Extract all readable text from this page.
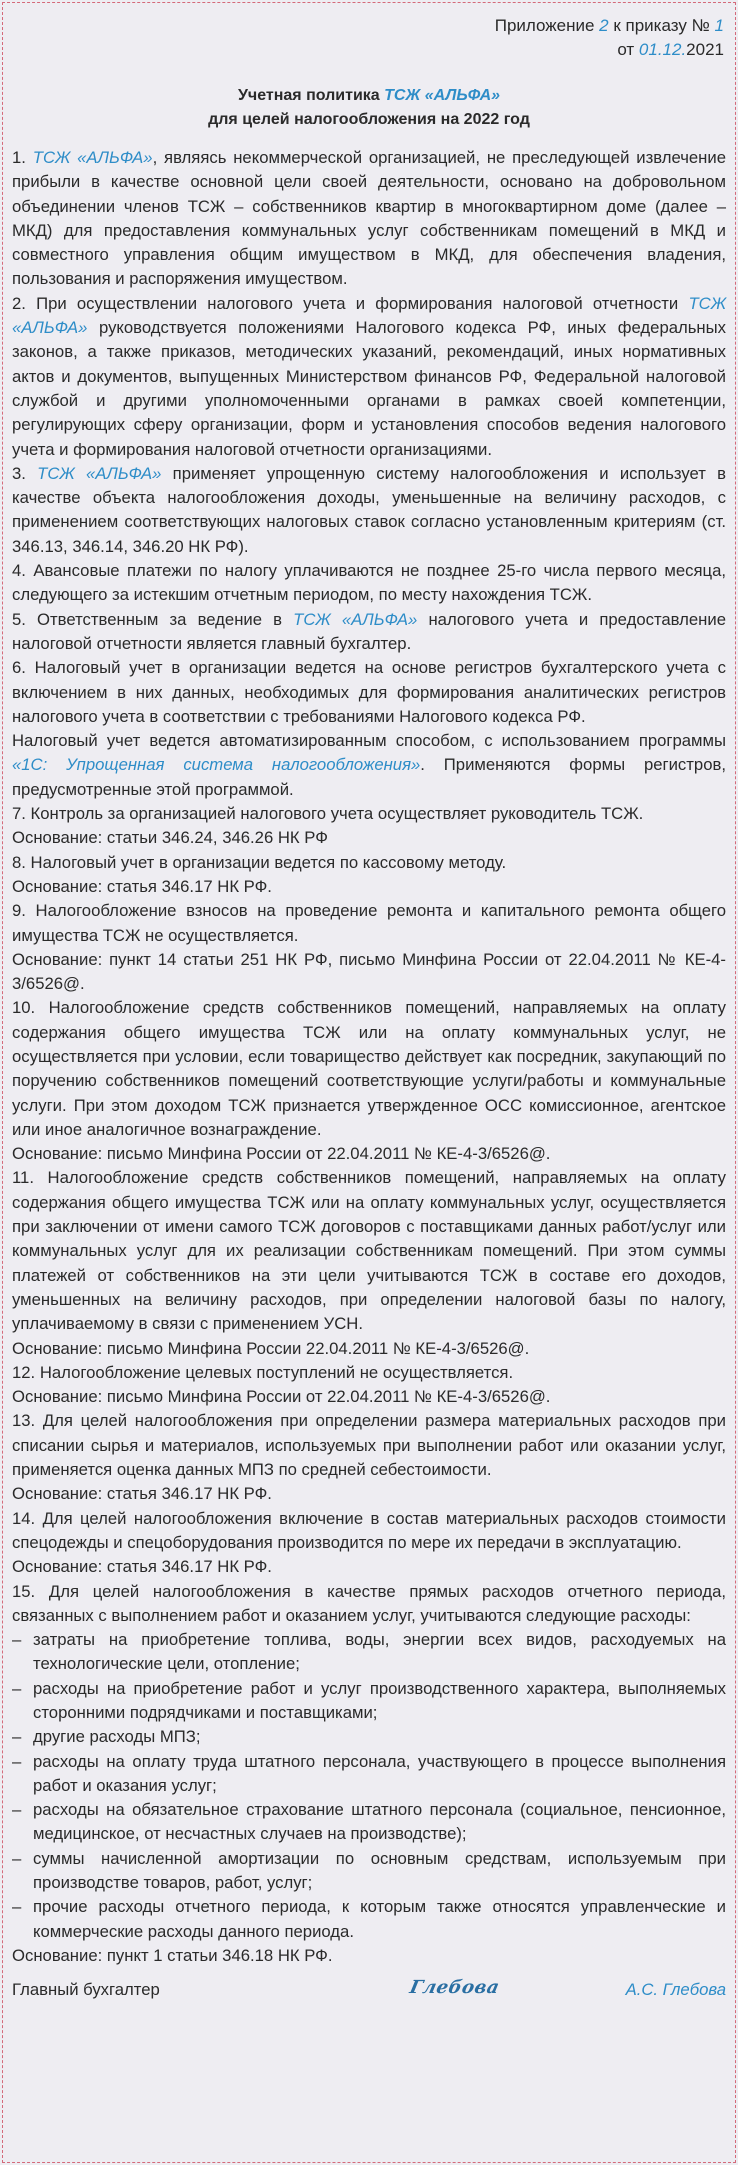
Приложение 2 к приказу № 1
от 01.12.2021
Учетная политика ТСЖ «АЛЬФА»
для целей налогообложения на 2022 год

1. ТСЖ «АЛЬФА», являясь некоммерческой организацией, не преследующей извлечение прибыли в качестве основной цели своей деятельности, основано на добровольном объединении членов ТСЖ – собственников квартир в многоквартирном доме (далее – МКД) для предоставления коммунальных услуг собственникам помещений в МКД и совместного управления общим имуществом в МКД, для обеспечения владения, пользования и распоряжения имуществом.

2. При осуществлении налогового учета и формирования налоговой отчетности ТСЖ «АЛЬФА» руководствуется положениями Налогового кодекса РФ, иных федеральных законов, а также приказов, методических указаний, рекомендаций, иных нормативных актов и документов, выпущенных Министерством финансов РФ, Федеральной налоговой службой и другими уполномоченными органами в рамках своей компетенции, регулирующих сферу организации, форм и установления способов ведения налогового учета и формирования налоговой отчетности организациями.

3. ТСЖ «АЛЬФА» применяет упрощенную систему налогообложения и использует в качестве объекта налогообложения доходы, уменьшенные на величину расходов, с применением соответствующих налоговых ставок согласно установленным критериям (ст. 346.13, 346.14, 346.20 НК РФ).

4. Авансовые платежи по налогу уплачиваются не позднее 25-го числа первого месяца, следующего за истекшим отчетным периодом, по месту нахождения ТСЖ.

5. Ответственным за ведение в ТСЖ «АЛЬФА» налогового учета и предоставление налоговой отчетности является главный бухгалтер.

6. Налоговый учет в организации ведется на основе регистров бухгалтерского учета с включением в них данных, необходимых для формирования аналитических регистров налогового учета в соответствии с требованиями Налогового кодекса РФ.

Налоговый учет ведется автоматизированным способом, с использованием программы «1С: Упрощенная система налогообложения». Применяются формы регистров, предусмотренные этой программой.

7. Контроль за организацией налогового учета осуществляет руководитель ТСЖ.

Основание: статьи 346.24, 346.26 НК РФ

8. Налоговый учет в организации ведется по кассовому методу.

Основание: статья 346.17 НК РФ.

9. Налогообложение взносов на проведение ремонта и капитального ремонта общего имущества ТСЖ не осуществляется.

Основание: пункт 14 статьи 251 НК РФ, письмо Минфина России от 22.04.2011 № КЕ-4-3/6526@.

10. Налогообложение средств собственников помещений, направляемых на оплату содержания общего имущества ТСЖ или на оплату коммунальных услуг, не осуществляется при условии, если товарищество действует как посредник, закупающий по поручению собственников помещений соответствующие услуги/работы и коммунальные услуги. При этом доходом ТСЖ признается утвержденное ОСС комиссионное, агентское или иное аналогичное вознаграждение.

Основание: письмо Минфина России от 22.04.2011 № КЕ-4-3/6526@.

11. Налогообложение средств собственников помещений, направляемых на оплату содержания общего имущества ТСЖ или на оплату коммунальных услуг, осуществляется при заключении от имени самого ТСЖ договоров с поставщиками данных работ/услуг или коммунальных услуг для их реализации собственникам помещений. При этом суммы платежей от собственников на эти цели учитываются ТСЖ в составе его доходов, уменьшенных на величину расходов, при определении налоговой базы по налогу, уплачиваемому в связи с применением УСН.

Основание: письмо Минфина России 22.04.2011 № КЕ-4-3/6526@.

12. Налогообложение целевых поступлений не осуществляется.

Основание: письмо Минфина России от 22.04.2011 № КЕ-4-3/6526@.

13. Для целей налогообложения при определении размера материальных расходов при списании сырья и материалов, используемых при выполнении работ или оказании услуг, применяется оценка данных МПЗ по средней себестоимости.

Основание: статья 346.17 НК РФ.

14. Для целей налогообложения включение в состав материальных расходов стоимости спецодежды и спецоборудования производится по мере их передачи в эксплуатацию.

Основание: статья 346.17 НК РФ.

15. Для целей налогообложения в качестве прямых расходов отчетного периода, связанных с выполнением работ и оказанием услуг, учитываются следующие расходы:

– затраты на приобретение топлива, воды, энергии всех видов, расходуемых на технологические цели, отопление;

– расходы на приобретение работ и услуг производственного характера, выполняемых сторонними подрядчиками и поставщиками;

– другие расходы МПЗ;

– расходы на оплату труда штатного персонала, участвующего в процессе выполнения работ и оказания услуг;

– расходы на обязательное страхование штатного персонала (социальное, пенсионное, медицинское, от несчастных случаев на производстве);

– суммы начисленной амортизации по основным средствам, используемым при производстве товаров, работ, услуг;

– прочие расходы отчетного периода, к которым также относятся управленческие и коммерческие расходы данного периода.

Основание: пункт 1 статьи 346.18 НК РФ.

Главный бухгалтер	Глебова	А.С. Глебова
